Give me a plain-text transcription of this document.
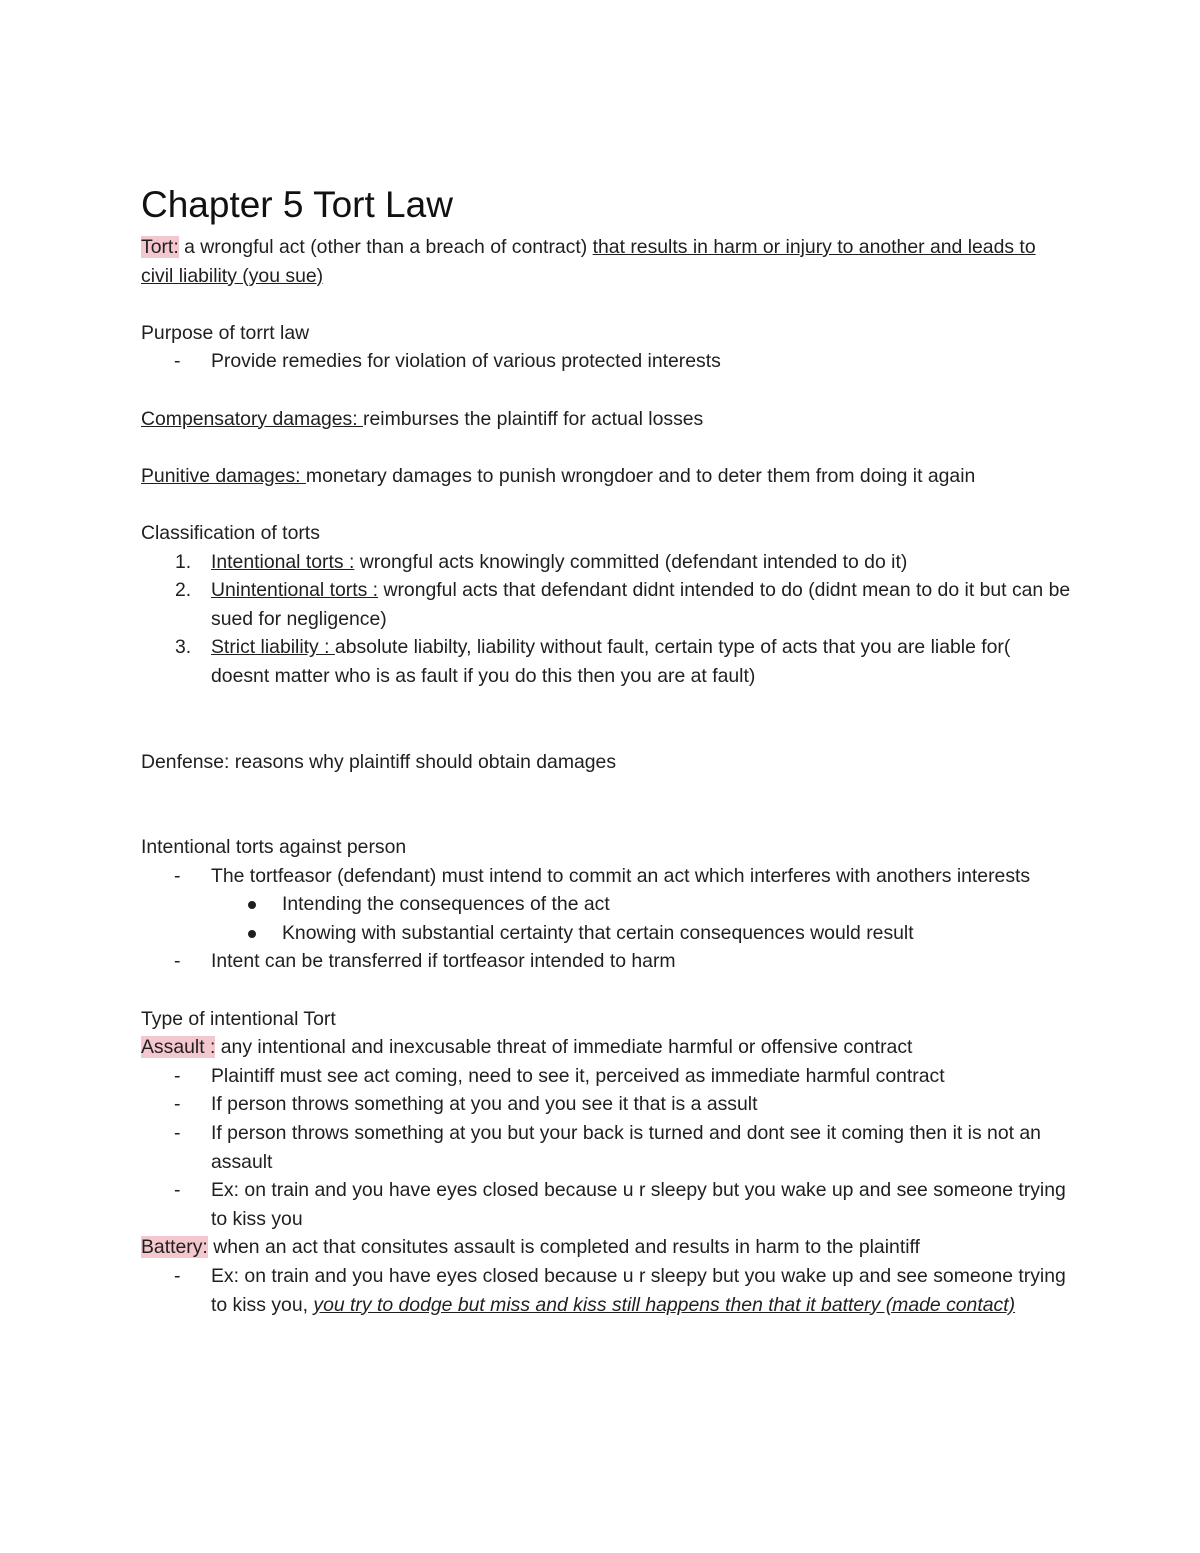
Chapter 5 Tort Law

Tort: a wrongful act (other than a breach of contract) that results in harm or injury to another and leads to civil liability (you sue)

Purpose of torrt law

- Provide remedies for violation of various protected interests

Compensatory damages: reimburses the plaintiff for actual losses

Punitive damages: monetary damages to punish wrongdoer and to deter them from doing it again

Classification of torts

1. Intentional torts : wrongful acts knowingly committed (defendant intended to do it)
2. Unintentional torts : wrongful acts that defendant didnt intended to do (didnt mean to do it but can be sued for negligence)
3. Strict liability : absolute liabilty, liability without fault, certain type of acts that you are liable for( doesnt matter who is as fault if you do this then you are at fault)

Denfense: reasons why plaintiff should obtain damages

Intentional torts against person

- The tortfeasor (defendant) must intend to commit an act which interferes with anothers interests
Intending the consequences of the act
Knowing with substantial certainty that certain consequences would result
- Intent can be transferred if tortfeasor intended to harm

Type of intentional Tort

Assault : any intentional and inexcusable threat of immediate harmful or offensive contract

- Plaintiff must see act coming, need to see it, perceived as immediate harmful contract
- If person throws something at you and you see it that is a assult
- If person throws something at you but your back is turned and dont see it coming then it is not an assault
- Ex: on train and you have eyes closed because u r sleepy but you wake up and see someone trying to kiss you

Battery: when an act that consitutes assault is completed and results in harm to the plaintiff

- Ex: on train and you have eyes closed because u r sleepy but you wake up and see someone trying to kiss you, you try to dodge but miss and kiss still happens then that it battery (made contact)
